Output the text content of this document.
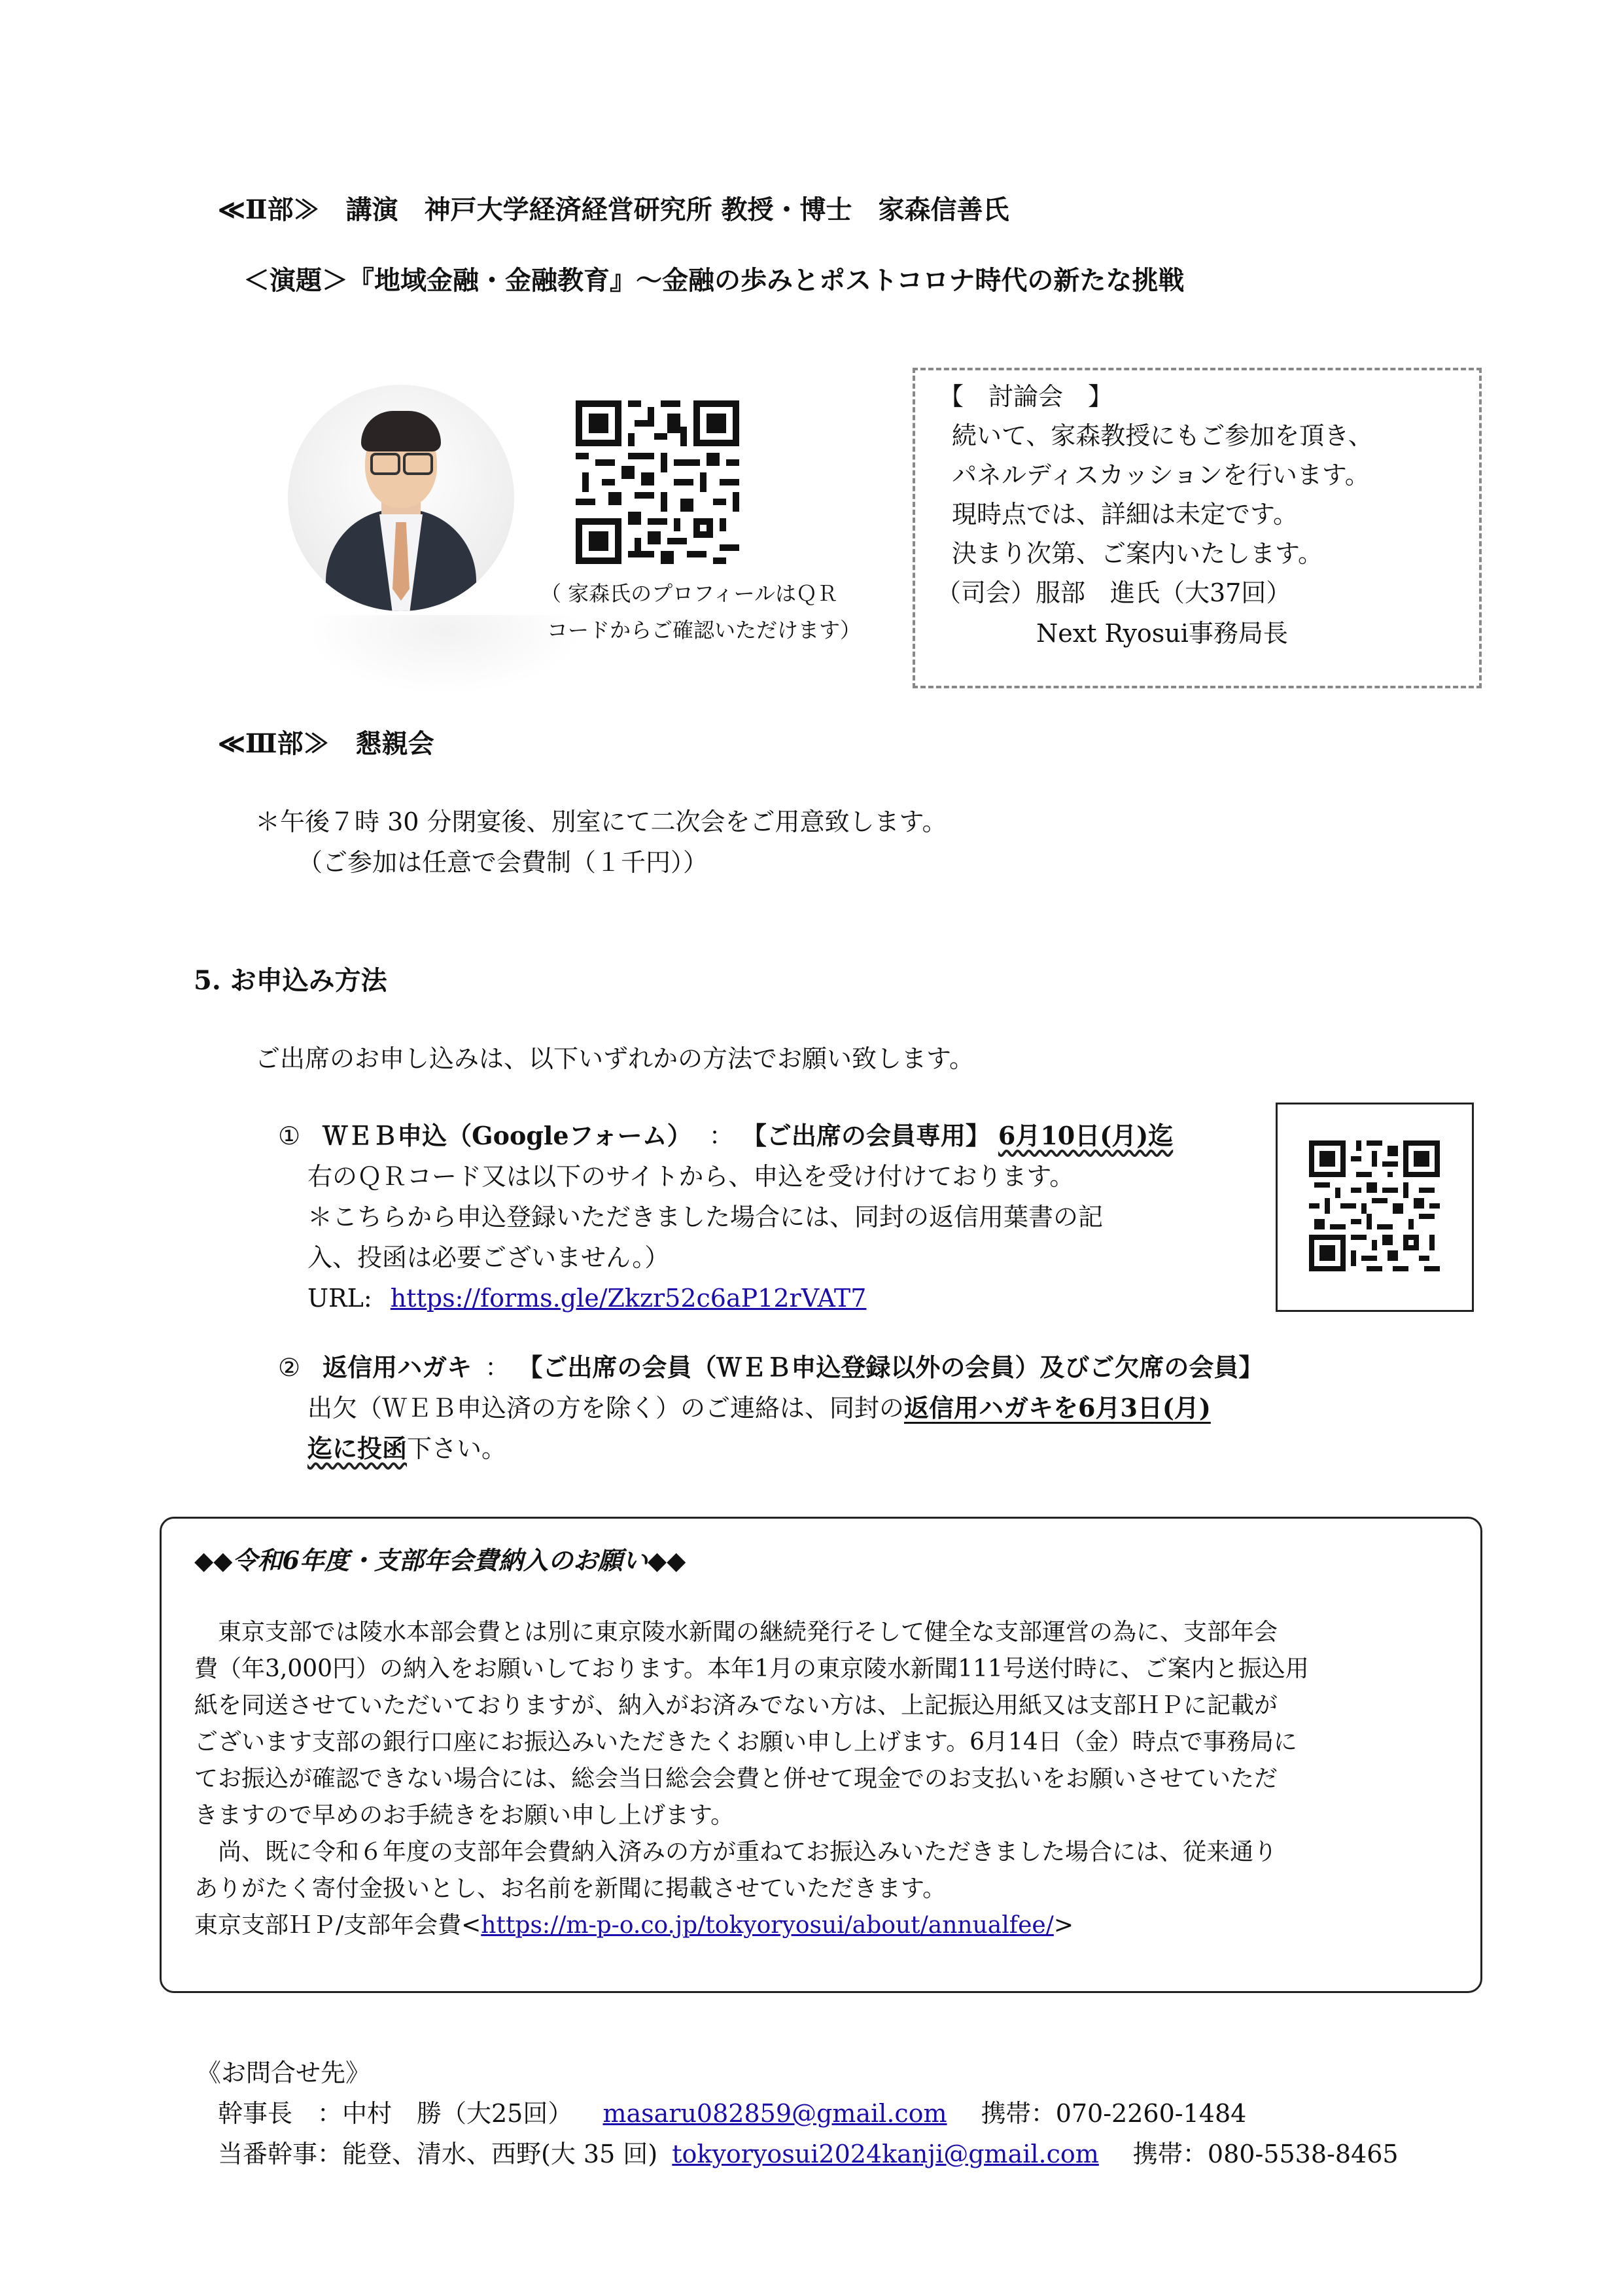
≪Ⅱ部≫　講演　神戸大学経済経営研究所 教授・博士　家森信善氏
＜演題＞『地域金融・金融教育』～金融の歩みとポストコロナ時代の新たな挑戦
（ 家森氏のプロフィールはＱＲ
コードからご確認いただけます）
【　討論会　】
続いて、家森教授にもご参加を頂き、
パネルディスカッションを行います。
現時点では、詳細は未定です。
決まり次第、ご案内いたします。
（司会）服部　進氏（大37回）
Next Ryosui事務局長
≪Ⅲ部≫　懇親会
＊午後７時 30 分閉宴後、別室にて二次会をご用意致します。
（ご参加は任意で会費制（１千円））
5. お申込み方法
ご出席のお申し込みは、以下いずれかの方法でお願い致します。
① ＷＥＢ申込（Googleフォーム） ： 【ご出席の会員専用】 6月10日(月)迄
右のＱＲコード又は以下のサイトから、申込を受け付けております。
＊こちらから申込登録いただきました場合には、同封の返信用葉書の記
入、投函は必要ございません。）
URL: https://forms.gle/Zkzr52c6aP12rVAT7
② 返信用ハガキ ： 【ご出席の会員（ＷＥＢ申込登録以外の会員）及びご欠席の会員】
出欠（ＷＥＢ申込済の方を除く）のご連絡は、同封の返信用ハガキを6月3日(月)
迄に投函下さい。
◆◆令和6年度・支部年会費納入のお願い◆◆
　東京支部では陵水本部会費とは別に東京陵水新聞の継続発行そして健全な支部運営の為に、支部年会
費（年3,000円）の納入をお願いしております。本年1月の東京陵水新聞111号送付時に、ご案内と振込用
紙を同送させていただいておりますが、納入がお済みでない方は、上記振込用紙又は支部ＨＰに記載が
ございます支部の銀行口座にお振込みいただきたくお願い申し上げます。6月14日（金）時点で事務局に
てお振込が確認できない場合には、総会当日総会会費と併せて現金でのお支払いをお願いさせていただ
きますので早めのお手続きをお願い申し上げます。
　尚、既に令和６年度の支部年会費納入済みの方が重ねてお振込みいただきました場合には、従来通り
ありがたく寄付金扱いとし、お名前を新聞に掲載させていただきます。
東京支部ＨＰ/支部年会費<https://m-p-o.co.jp/tokyoryosui/about/annualfee/>
《お問合せ先》
幹事長　：中村　勝（大25回） masaru082859@gmail.com 携帯：070-2260-1484
当番幹事：能登、清水、西野(大 35 回) tokyoryosui2024kanji@gmail.com 携帯：080-5538-8465
